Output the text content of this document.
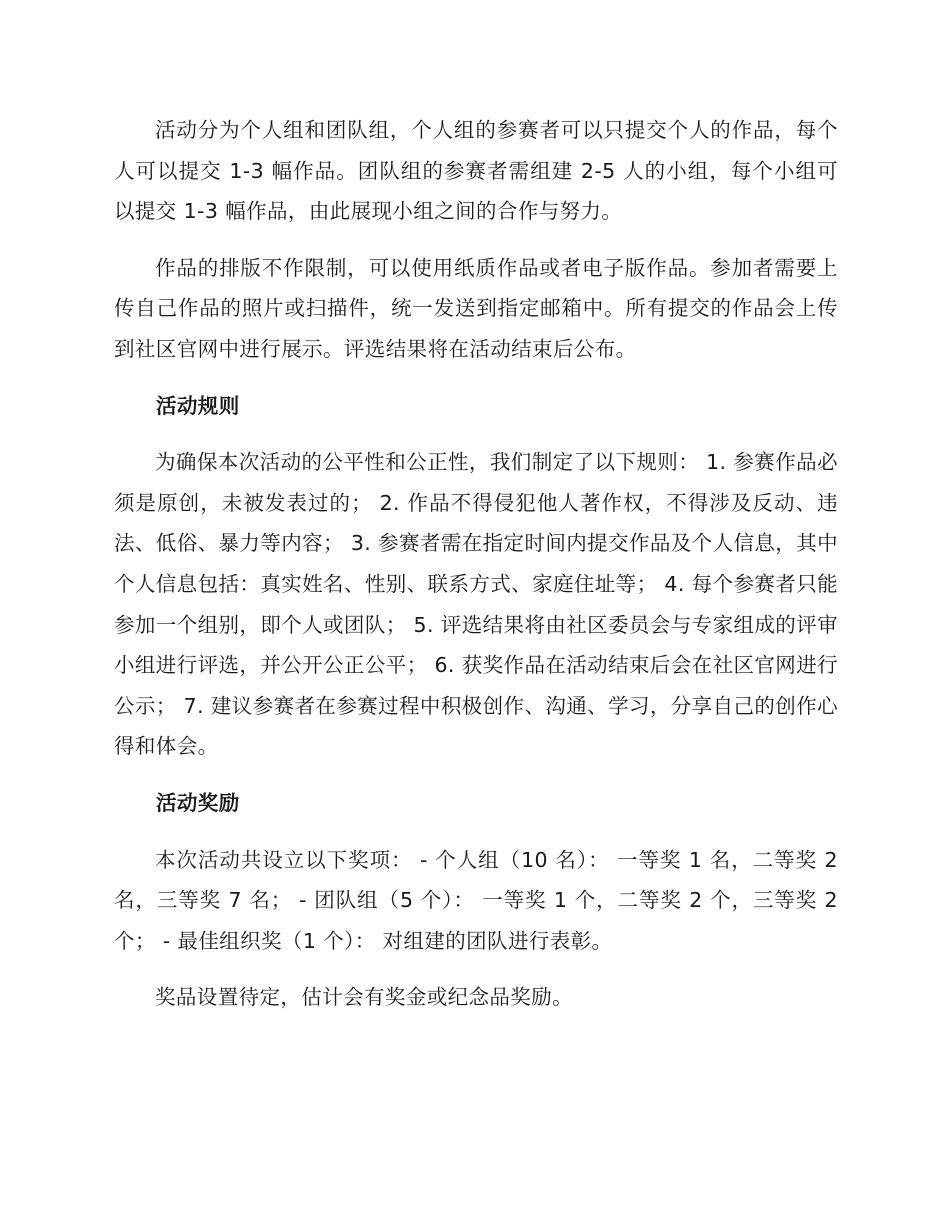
活动分为个人组和团队组，个人组的参赛者可以只提交个人的作品，每个人可以提交 1-3 幅作品。团队组的参赛者需组建 2-5 人的小组，每个小组可以提交 1-3 幅作品，由此展现小组之间的合作与努力。

作品的排版不作限制，可以使用纸质作品或者电子版作品。参加者需要上传自己作品的照片或扫描件，统一发送到指定邮箱中。所有提交的作品会上传到社区官网中进行展示。评选结果将在活动结束后公布。

活动规则

为确保本次活动的公平性和公正性，我们制定了以下规则： 1. 参赛作品必须是原创，未被发表过的； 2. 作品不得侵犯他人著作权，不得涉及反动、违法、低俗、暴力等内容； 3. 参赛者需在指定时间内提交作品及个人信息，其中个人信息包括：真实姓名、性别、联系方式、家庭住址等； 4. 每个参赛者只能参加一个组别，即个人或团队； 5. 评选结果将由社区委员会与专家组成的评审小组进行评选，并公开公正公平； 6. 获奖作品在活动结束后会在社区官网进行公示； 7. 建议参赛者在参赛过程中积极创作、沟通、学习，分享自己的创作心得和体会。

活动奖励

本次活动共设立以下奖项： - 个人组（10 名）： 一等奖 1 名，二等奖 2 名，三等奖 7 名； - 团队组（5 个）： 一等奖 1 个，二等奖 2 个，三等奖 2 个； - 最佳组织奖（1 个）： 对组建的团队进行表彰。

奖品设置待定，估计会有奖金或纪念品奖励。
